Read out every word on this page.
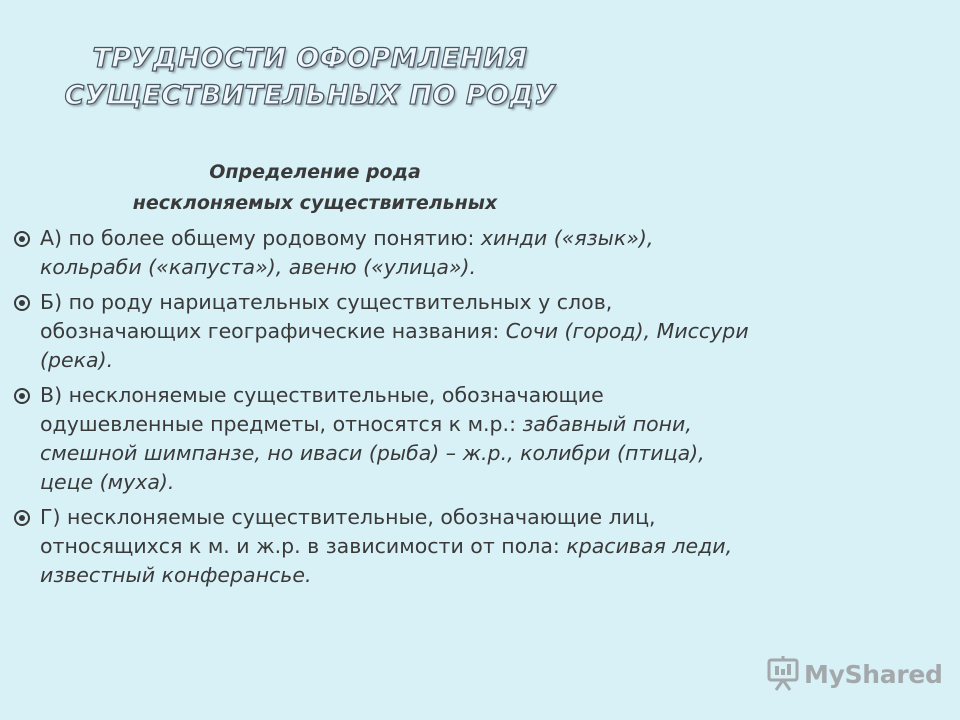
ТРУДНОСТИ ОФОРМЛЕНИЯ
СУЩЕСТВИТЕЛЬНЫХ ПО РОДУ
Определение рода
несклоняемых существительных
А) по более общему родовому понятию: хинди («язык»), кольраби («капуста»), авеню («улица»).
Б) по роду нарицательных существительных у слов, обозначающих географические названия: Сочи (город), Миссури (река).
В) несклоняемые существительные, обозначающие одушевленные предметы, относятся к м.р.: забавный пони, смешной шимпанзе, но иваси (рыба) – ж.р., колибри (птица), цеце (муха).
Г) несклоняемые существительные, обозначающие лиц, относящихся к м. и ж.р. в зависимости от пола: красивая леди, известный конферансье.
MyShared
